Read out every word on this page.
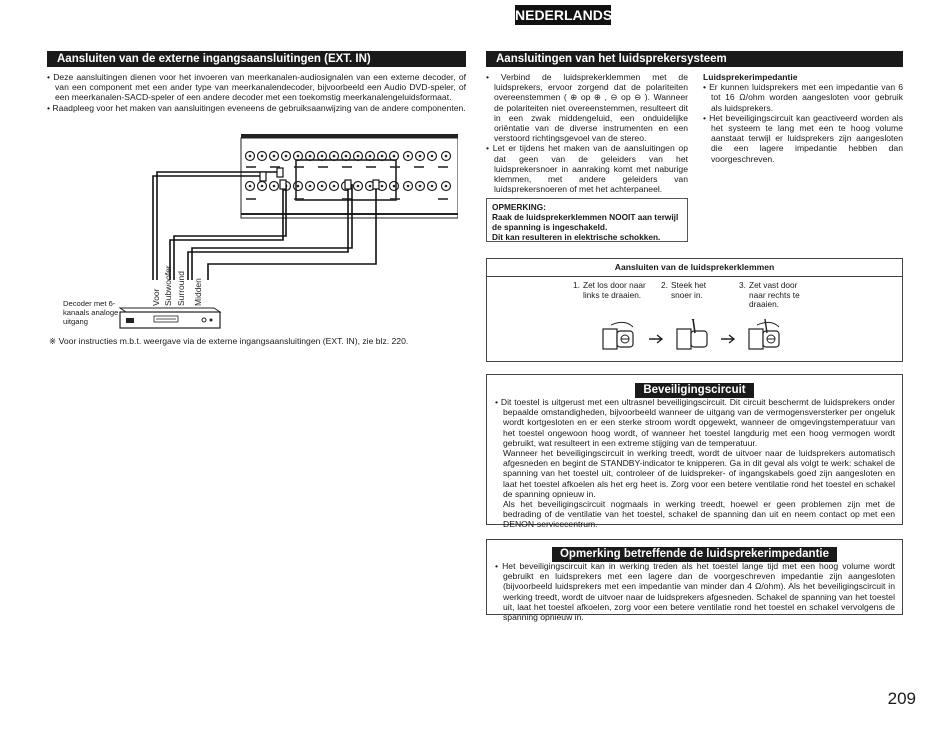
NEDERLANDS
Aansluiten van de externe ingangsaansluitingen (EXT. IN)

• Deze aansluitingen dienen voor het invoeren van meerkanalen-audiosignalen van een externe decoder, of van een component met een ander type van meerkanalendecoder, bijvoorbeeld een Audio DVD-speler, of een meerkanalen-SACD-speler of een andere decoder met een toekomstig meerkanalengeluidsformaat.

• Raadpleeg voor het maken van aansluitingen eveneens de gebruiksaanwijzing van de andere componenten.

Voor Subwoofer Surround Midden
Decoder met 6-kanaals analoge uitgang
※ Voor instructies m.b.t. weergave via de externe ingangsaansluitingen (EXT. IN), zie blz. 220.
Aansluitingen van het luidsprekersysteem

• Verbind de luidsprekerklemmen met de luidsprekers, ervoor zorgend dat de polariteiten overeenstemmen ( ⊕ op ⊕ , ⊖ op ⊖ ). Wanneer de polariteiten niet overeenstemmen, resulteert dit in een zwak middengeluid, een onduidelijke oriëntatie van de diverse instrumenten en een verstoord richtingsgevoel van de stereo.

• Let er tijdens het maken van de aansluitingen op dat geen van de geleiders van het luidsprekersnoer in aanraking komt met naburige klemmen, met andere geleiders van luidsprekersnoeren of met het achterpaneel.

Luidsprekerimpedantie

• Er kunnen luidsprekers met een impedantie van 6 tot 16 Ω/ohm worden aangesloten voor gebruik als luidsprekers.

• Het beveiligingscircuit kan geactiveerd worden als het systeem te lang met een te hoog volume aanstaat terwijl er luidsprekers zijn aangesloten die een lagere impedantie hebben dan voorgeschreven.

OPMERKING:
Raak de luidsprekerklemmen NOOIT aan terwijl
de spanning is ingeschakeld.
Dit kan resulteren in elektrische schokken.
Aansluiten van de luidsprekerklemmen
1. Zet los door naar links te draaien.
2. Steek het snoer in.
3. Zet vast door naar rechts te draaien.
Beveiligingscircuit

• Dit toestel is uitgerust met een ultrasnel beveiligingscircuit. Dit circuit beschermt de luidsprekers onder bepaalde omstandigheden, bijvoorbeeld wanneer de uitgang van de vermogensversterker per ongeluk wordt kortgesloten en er een sterke stroom wordt opgewekt, wanneer de omgevingstemperatuur van het toestel ongewoon hoog wordt, of wanneer het toestel langdurig met een hoog vermogen wordt gebruikt, wat resulteert in een extreme stijging van de temperatuur.

Wanneer het beveiligingscircuit in werking treedt, wordt de uitvoer naar de luidsprekers automatisch afgesneden en begint de STANDBY-indicator te knipperen. Ga in dit geval als volgt te werk: schakel de spanning van het toestel uit, controleer of de luidspreker- of ingangskabels goed zijn aangesloten en laat het toestel afkoelen als het erg heet is. Zorg voor een betere ventilatie rond het toestel en schakel de spanning opnieuw in.

Als het beveiligingscircuit nogmaals in werking treedt, hoewel er geen problemen zijn met de bedrading of de ventilatie van het toestel, schakel de spanning dan uit en neem contact op met een DENON-servicecentrum.

Opmerking betreffende de luidsprekerimpedantie

• Het beveiligingscircuit kan in werking treden als het toestel lange tijd met een hoog volume wordt gebruikt en luidsprekers met een lagere dan de voorgeschreven impedantie zijn aangesloten (bijvoorbeeld luidsprekers met een impedantie van minder dan 4 Ω/ohm). Als het beveiligingscircuit in werking treedt, wordt de uitvoer naar de luidsprekers afgesneden. Schakel de spanning van het toestel uit, laat het toestel afkoelen, zorg voor een betere ventilatie rond het toestel en schakel vervolgens de spanning opnieuw in.

209
